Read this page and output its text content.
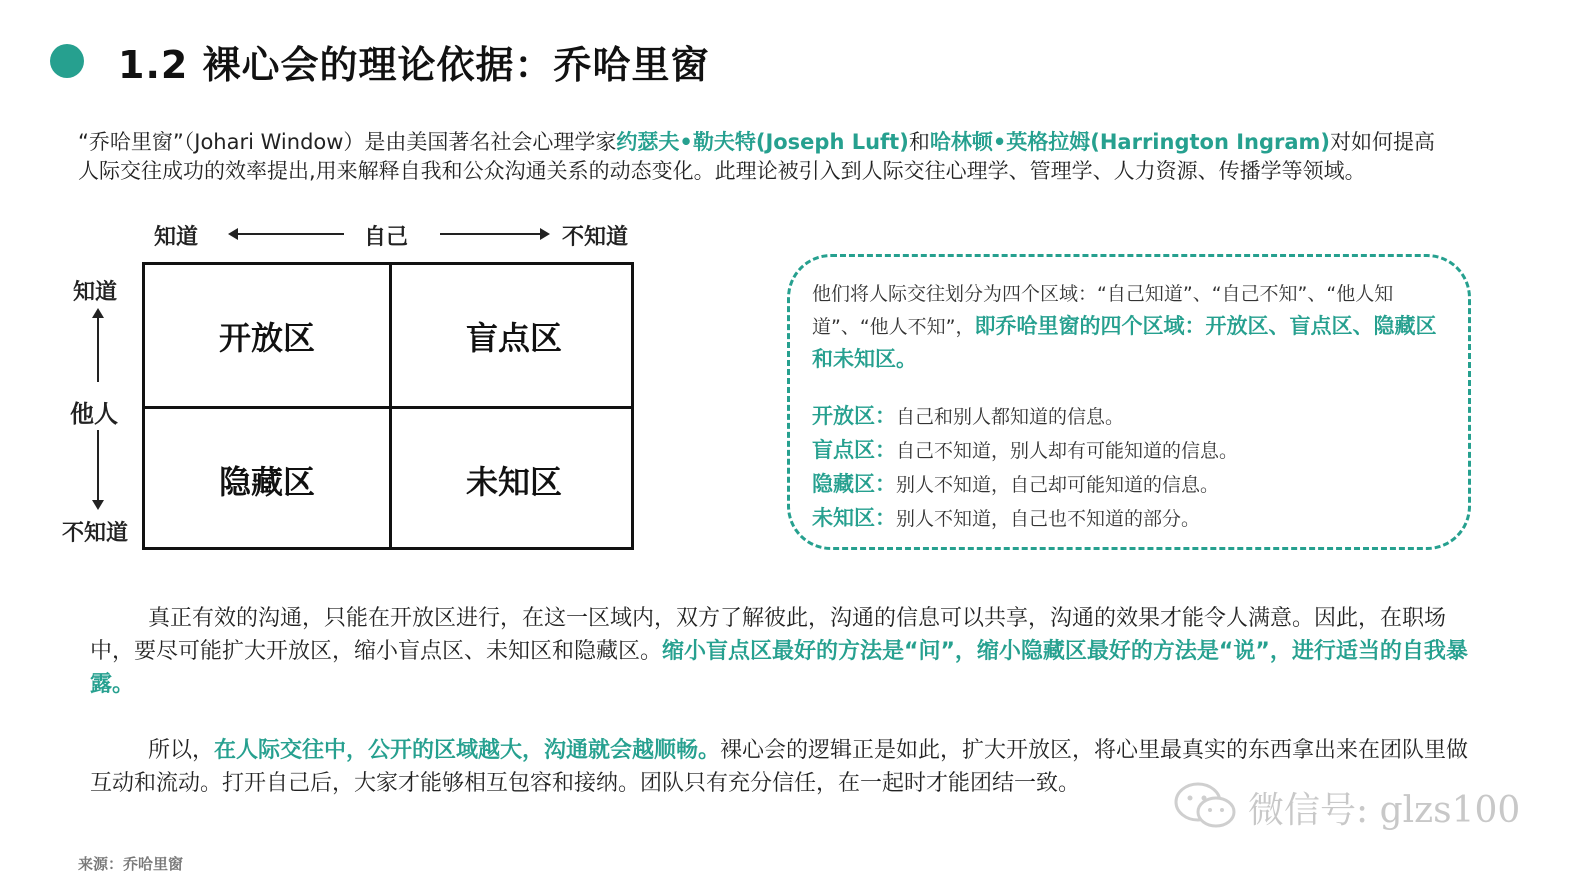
1.2 裸心会的理论依据：乔哈里窗
“乔哈里窗”（Johari Window）是由美国著名社会心理学家约瑟夫•勒夫特(Joseph Luft)和哈林顿•英格拉姆(Harrington Ingram)对如何提高
人际交往成功的效率提出,用来解释自我和公众沟通关系的动态变化。此理论被引入到人际交往心理学、管理学、人力资源、传播学等领域。
知道	自己	不知道
知道
他人
不知道
开放区	盲点区
隐藏区	未知区
他们将人际交往划分为四个区域：“自己知道”、“自己不知”、“他人知道”、“他人不知”，即乔哈里窗的四个区域：开放区、盲点区、隐藏区和未知区。
开放区：自己和别人都知道的信息。
盲点区：自己不知道，别人却有可能知道的信息。
隐藏区：别人不知道，自己却可能知道的信息。
未知区：别人不知道，自己也不知道的部分。
真正有效的沟通，只能在开放区进行，在这一区域内，双方了解彼此，沟通的信息可以共享，沟通的效果才能令人满意。因此，在职场中，要尽可能扩大开放区，缩小盲点区、未知区和隐藏区。缩小盲点区最好的方法是“问”，缩小隐藏区最好的方法是“说”，进行适当的自我暴露。
所以，在人际交往中，公开的区域越大，沟通就会越顺畅。裸心会的逻辑正是如此，扩大开放区，将心里最真实的东西拿出来在团队里做互动和流动。打开自己后，大家才能够相互包容和接纳。团队只有充分信任，在一起时才能团结一致。
微信号: glzs100
来源：乔哈里窗
